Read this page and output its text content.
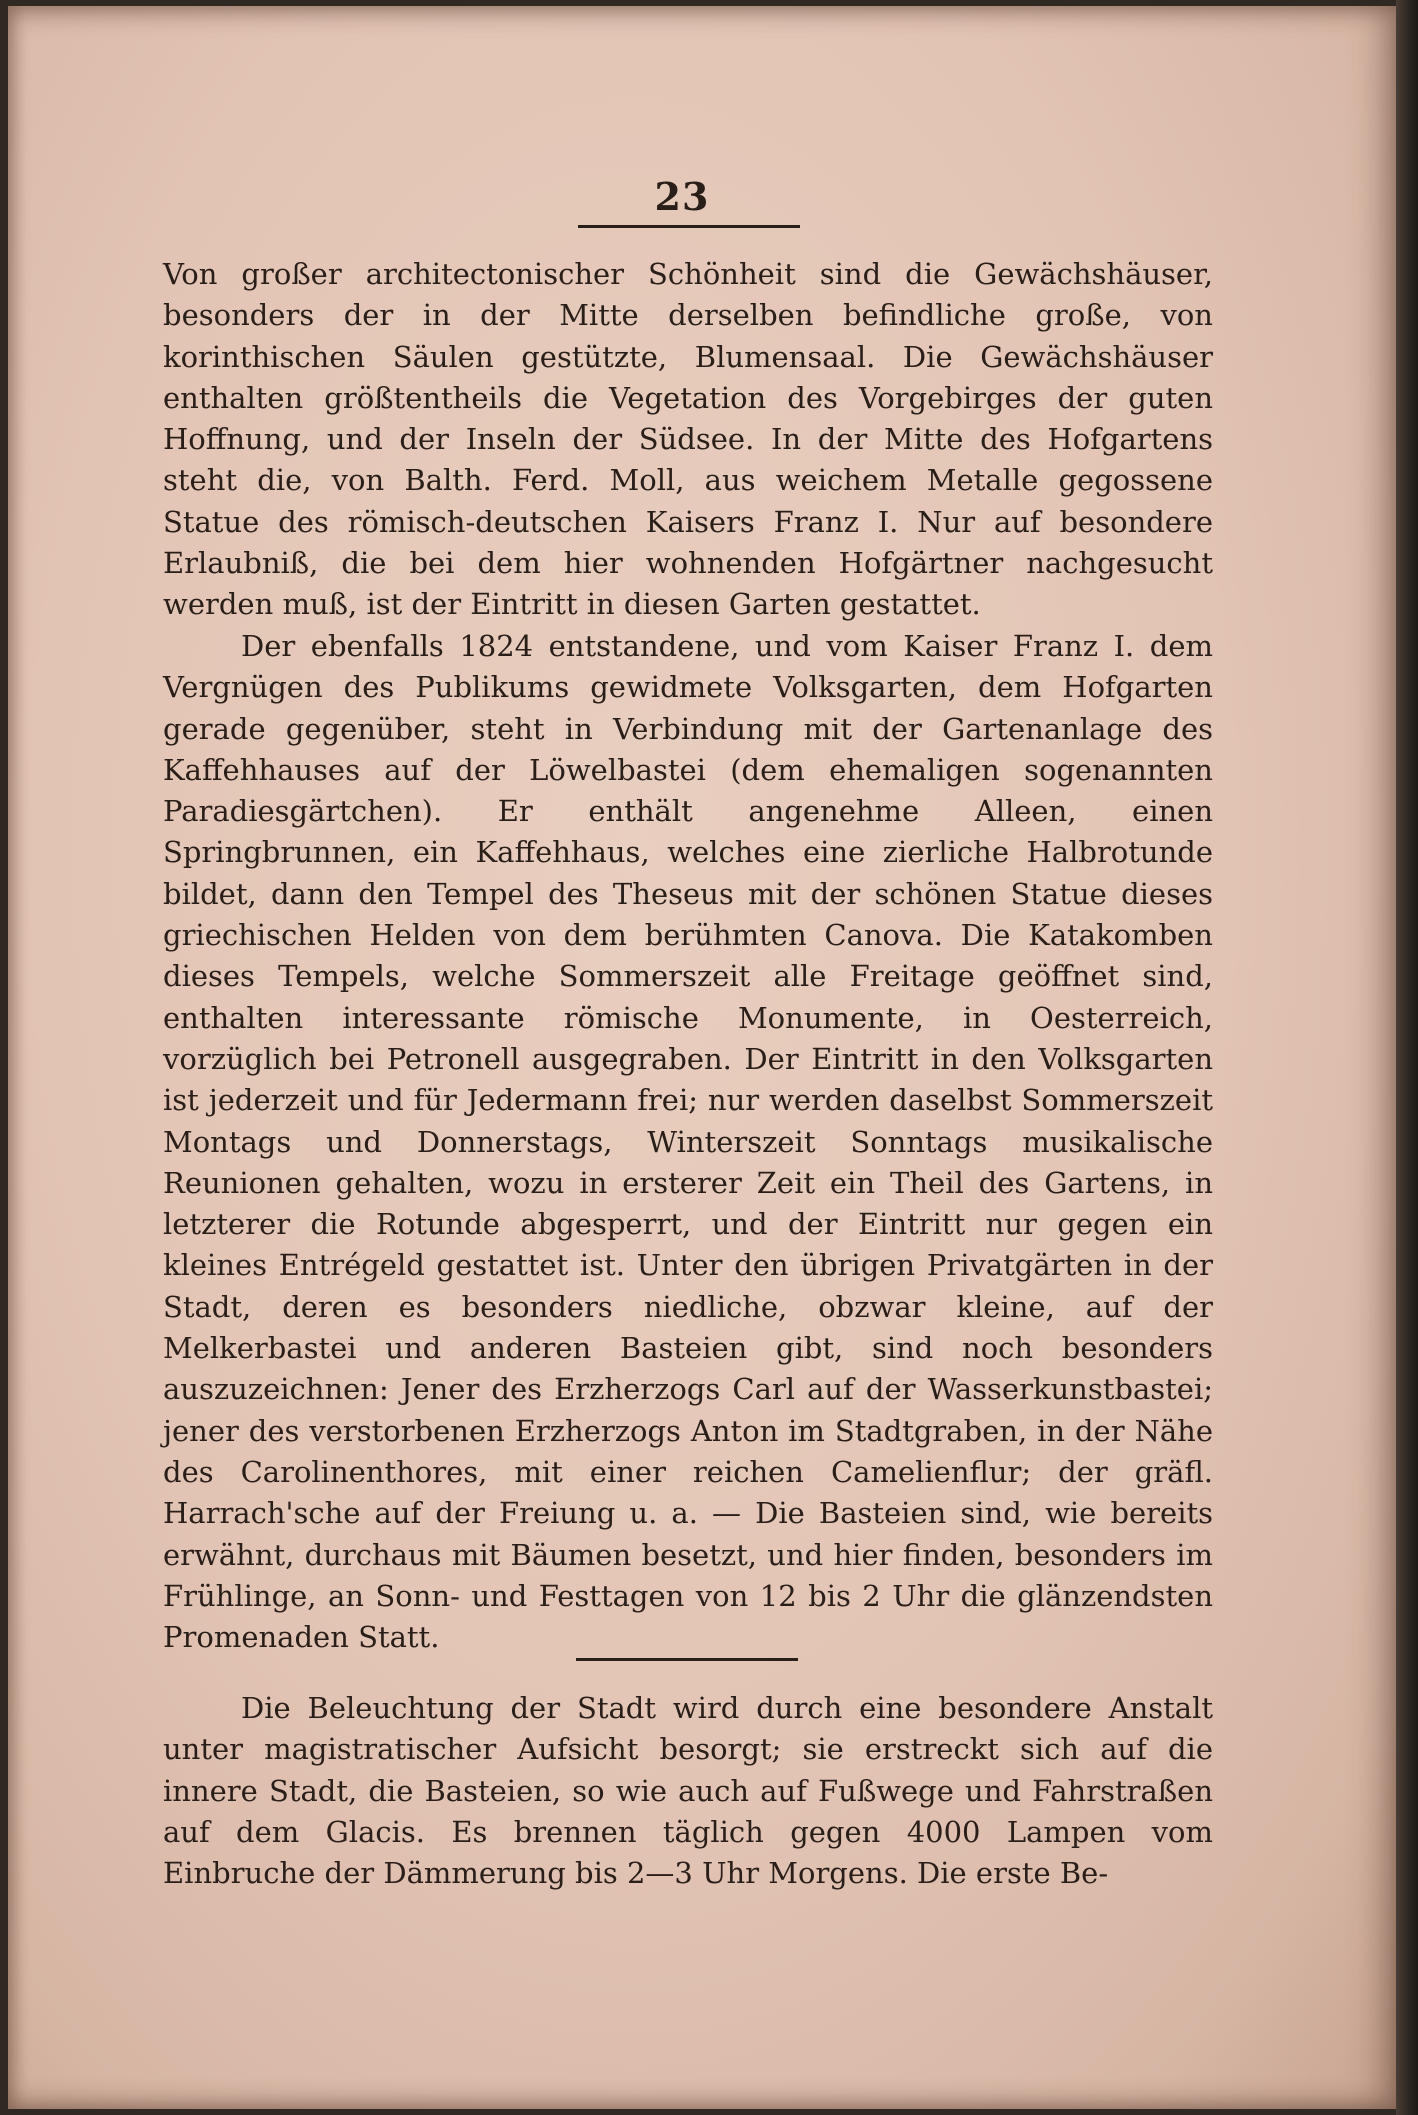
23

Von großer architectonischer Schönheit sind die Gewächshäuser, besonders der in der Mitte derselben befindliche große, von korinthischen Säulen gestützte, Blumensaal. Die Gewächshäuser enthalten größtentheils die Vegetation des Vorgebirges der guten Hoffnung, und der Inseln der Südsee. In der Mitte des Hofgartens steht die, von Balth. Ferd. Moll, aus weichem Metalle gegossene Statue des römisch-deutschen Kaisers Franz I. Nur auf besondere Erlaubniß, die bei dem hier wohnenden Hofgärtner nachgesucht werden muß, ist der Eintritt in diesen Garten gestattet.

Der ebenfalls 1824 entstandene, und vom Kaiser Franz I. dem Vergnügen des Publikums gewidmete Volksgarten, dem Hofgarten gerade gegenüber, steht in Verbindung mit der Gartenanlage des Kaffehhauses auf der Löwelbastei (dem ehemaligen sogenannten Paradiesgärtchen). Er enthält angenehme Alleen, einen Springbrunnen, ein Kaffehhaus, welches eine zierliche Halbrotunde bildet, dann den Tempel des Theseus mit der schönen Statue dieses griechischen Helden von dem berühmten Canova. Die Katakomben dieses Tempels, welche Sommerszeit alle Freitage geöffnet sind, enthalten interessante römische Monumente, in Oesterreich, vorzüglich bei Petronell ausgegraben. Der Eintritt in den Volksgarten ist jederzeit und für Jedermann frei; nur werden daselbst Sommerszeit Montags und Donnerstags, Winterszeit Sonntags musikalische Reunionen gehalten, wozu in ersterer Zeit ein Theil des Gartens, in letzterer die Rotunde abgesperrt, und der Eintritt nur gegen ein kleines Entrégeld gestattet ist. Unter den übrigen Privatgärten in der Stadt, deren es besonders niedliche, obzwar kleine, auf der Melkerbastei und anderen Basteien gibt, sind noch besonders auszuzeichnen: Jener des Erzherzogs Carl auf der Wasserkunstbastei; jener des verstorbenen Erzherzogs Anton im Stadtgraben, in der Nähe des Carolinenthores, mit einer reichen Camelienflur; der gräfl. Harrach'sche auf der Freiung u. a. — Die Basteien sind, wie bereits erwähnt, durchaus mit Bäumen besetzt, und hier finden, besonders im Frühlinge, an Sonn- und Festtagen von 12 bis 2 Uhr die glänzendsten Promenaden Statt.

Die Beleuchtung der Stadt wird durch eine besondere Anstalt unter magistratischer Aufsicht besorgt; sie erstreckt sich auf die innere Stadt, die Basteien, so wie auch auf Fußwege und Fahrstraßen auf dem Glacis. Es brennen täglich gegen 4000 Lampen vom Einbruche der Dämmerung bis 2—3 Uhr Morgens. Die erste Be-
